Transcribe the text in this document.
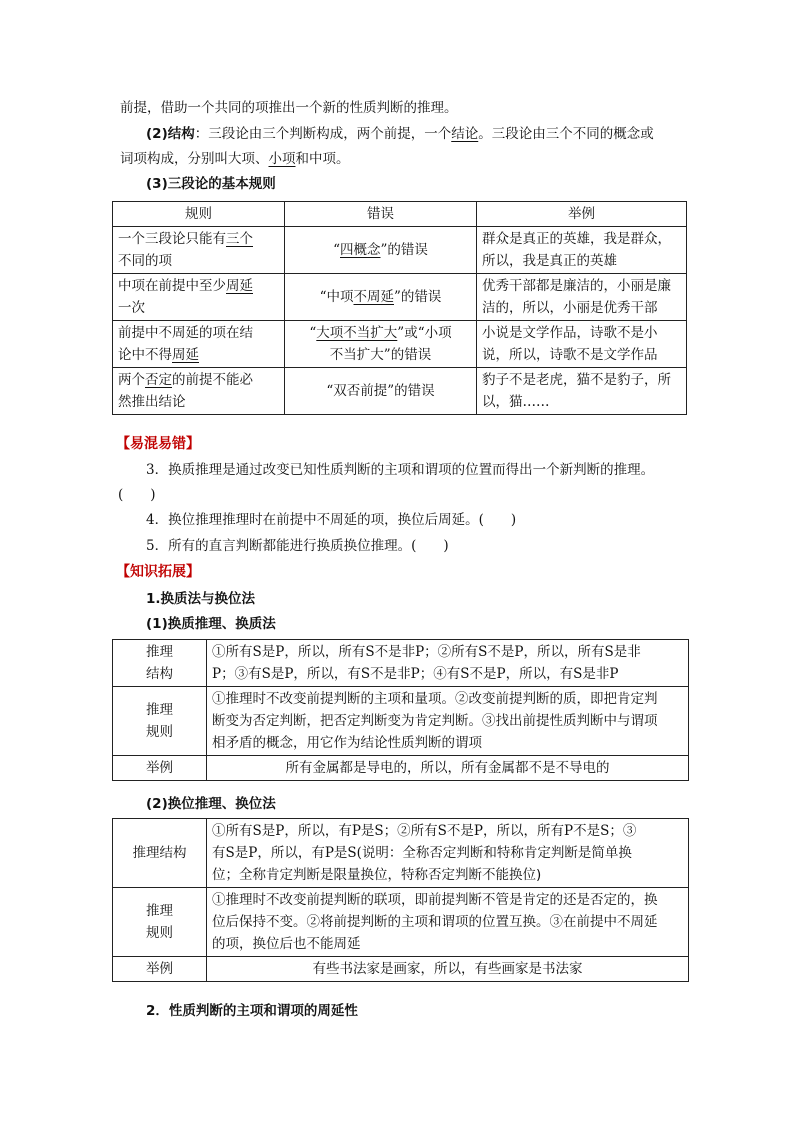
前提，借助一个共同的项推出一个新的性质判断的推理。
(2)结构：三段论由三个判断构成，两个前提，一个结论。三段论由三个不同的概念或
词项构成，分别叫大项、小项和中项。
(3)三段论的基本规则
规则	错误	举例
一个三段论只能有三个
不同的项	“四概念”的错误	群众是真正的英雄，我是群众，
所以，我是真正的英雄
中项在前提中至少周延
一次	“中项不周延”的错误	优秀干部都是廉洁的，小丽是廉
洁的，所以，小丽是优秀干部
前提中不周延的项在结
论中不得周延	“大项不当扩大”或“小项
不当扩大”的错误	小说是文学作品，诗歌不是小
说，所以，诗歌不是文学作品
两个否定的前提不能必
然推出结论	“双否前提”的错误	豹子不是老虎，猫不是豹子，所
以，猫……
【易混易错】
3．换质推理是通过改变已知性质判断的主项和谓项的位置而得出一个新判断的推理。
(　　)
4．换位推理推理时在前提中不周延的项，换位后周延。(　　)
5．所有的直言判断都能进行换质换位推理。(　　)
【知识拓展】
1.换质法与换位法
(1)换质推理、换质法
推理
结构	①所有S是P，所以，所有S不是非P；②所有S不是P，所以，所有S是非
P；③有S是P，所以，有S不是非P；④有S不是P，所以，有S是非P
推理
规则	①推理时不改变前提判断的主项和量项。②改变前提判断的质，即把肯定判
断变为否定判断，把否定判断变为肯定判断。③找出前提性质判断中与谓项
相矛盾的概念，用它作为结论性质判断的谓项
举例	所有金属都是导电的，所以，所有金属都不是不导电的
(2)换位推理、换位法
推理结构	①所有S是P，所以，有P是S；②所有S不是P，所以，所有P不是S；③
有S是P，所以，有P是S(说明：全称否定判断和特称肯定判断是简单换
位；全称肯定判断是限量换位，特称否定判断不能换位)
推理
规则	①推理时不改变前提判断的联项，即前提判断不管是肯定的还是否定的，换
位后保持不变。②将前提判断的主项和谓项的位置互换。③在前提中不周延
的项，换位后也不能周延
举例	有些书法家是画家，所以，有些画家是书法家
2．性质判断的主项和谓项的周延性
